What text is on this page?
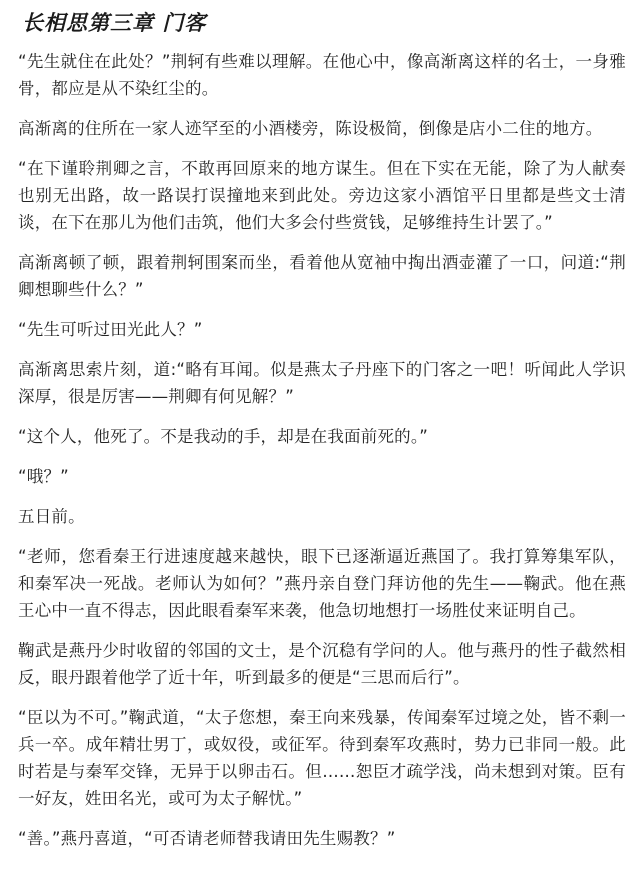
长相思第三章 门客

“先生就住在此处？”荆轲有些难以理解。在他心中，像高渐离这样的名士，一身雅骨，都应是从不染红尘的。

高渐离的住所在一家人迹罕至的小酒楼旁，陈设极简，倒像是店小二住的地方。

“在下谨聆荆卿之言，不敢再回原来的地方谋生。但在下实在无能，除了为人献奏也别无出路，故一路误打误撞地来到此处。旁边这家小酒馆平日里都是些文士清谈，在下在那儿为他们击筑，他们大多会付些赏钱，足够维持生计罢了。”

高渐离顿了顿，跟着荆轲围案而坐，看着他从宽袖中掏出酒壶灌了一口，问道:“荆卿想聊些什么？”

“先生可听过田光此人？”

高渐离思索片刻，道:“略有耳闻。似是燕太子丹座下的门客之一吧！听闻此人学识深厚，很是厉害——荆卿有何见解？”

“这个人，他死了。不是我动的手，却是在我面前死的。”

“哦？”

五日前。

“老师，您看秦王行进速度越来越快，眼下已逐渐逼近燕国了。我打算筹集军队，和秦军决一死战。老师认为如何？”燕丹亲自登门拜访他的先生——鞠武。他在燕王心中一直不得志，因此眼看秦军来袭，他急切地想打一场胜仗来证明自己。

鞠武是燕丹少时收留的邻国的文士，是个沉稳有学问的人。他与燕丹的性子截然相反，眼丹跟着他学了近十年，听到最多的便是“三思而后行”。

“臣以为不可。”鞠武道，“太子您想，秦王向来残暴，传闻秦军过境之处，皆不剩一兵一卒。成年精壮男丁，或奴役，或征军。待到秦军攻燕时，势力已非同一般。此时若是与秦军交锋，无异于以卵击石。但……恕臣才疏学浅，尚未想到对策。臣有一好友，姓田名光，或可为太子解忧。”

“善。”燕丹喜道，“可否请老师替我请田先生赐教？”
